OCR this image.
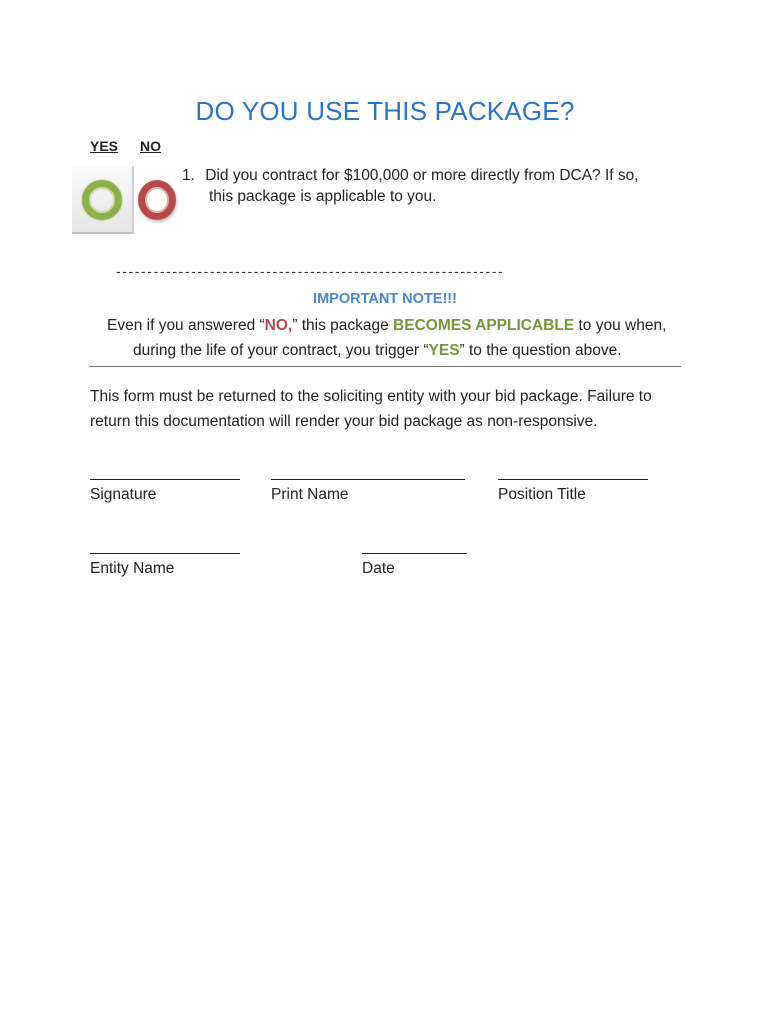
DO YOU USE THIS PACKAGE?
YES NO
1. Did you contract for $100,000 or more directly from DCA? If so,
this package is applicable to you.
--------------------------------------------------------------
IMPORTANT NOTE!!!
Even if you answered “NO,” this package BECOMES APPLICABLE to you when,
during the life of your contract, you trigger “YES” to the question above.
This form must be returned to the soliciting entity with your bid package. Failure to return this documentation will render your bid package as non-responsive.
Signature	Print Name	Position Title
Entity Name	Date
